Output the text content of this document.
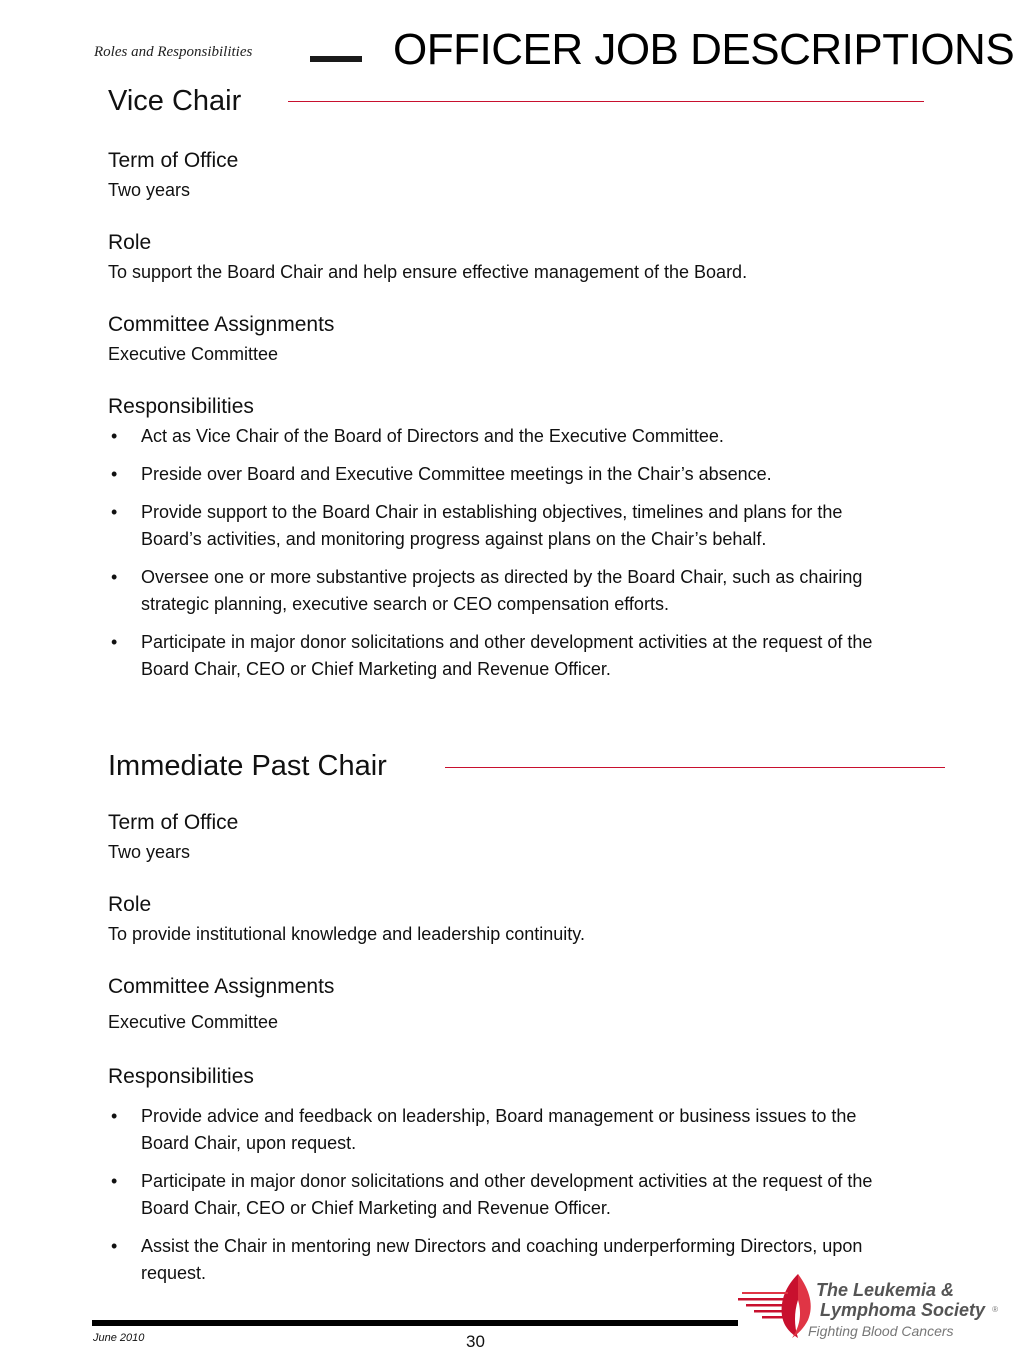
Roles and Responsibilities	OFFICER JOB DESCRIPTIONS
Vice Chair
Term of Office
Two years
Role
To support the Board Chair and help ensure effective management of the Board.
Committee Assignments
Executive Committee
Responsibilities
• Act as Vice Chair of the Board of Directors and the Executive Committee.
• Preside over Board and Executive Committee meetings in the Chair’s absence.
• Provide support to the Board Chair in establishing objectives, timelines and plans for the Board’s activities, and monitoring progress against plans on the Chair’s behalf.
• Oversee one or more substantive projects as directed by the Board Chair, such as chairing strategic planning, executive search or CEO compensation efforts.
• Participate in major donor solicitations and other development activities at the request of the Board Chair, CEO or Chief Marketing and Revenue Officer.
Immediate Past Chair
Term of Office
Two years
Role
To provide institutional knowledge and leadership continuity.
Committee Assignments
Executive Committee
Responsibilities
• Provide advice and feedback on leadership, Board management or business issues to the Board Chair, upon request.
• Participate in major donor solicitations and other development activities at the request of the Board Chair, CEO or Chief Marketing and Revenue Officer.
• Assist the Chair in mentoring new Directors and coaching underperforming Directors, upon request.
June 2010	30
The Leukemia &
Lymphoma Society ®
Fighting Blood Cancers
